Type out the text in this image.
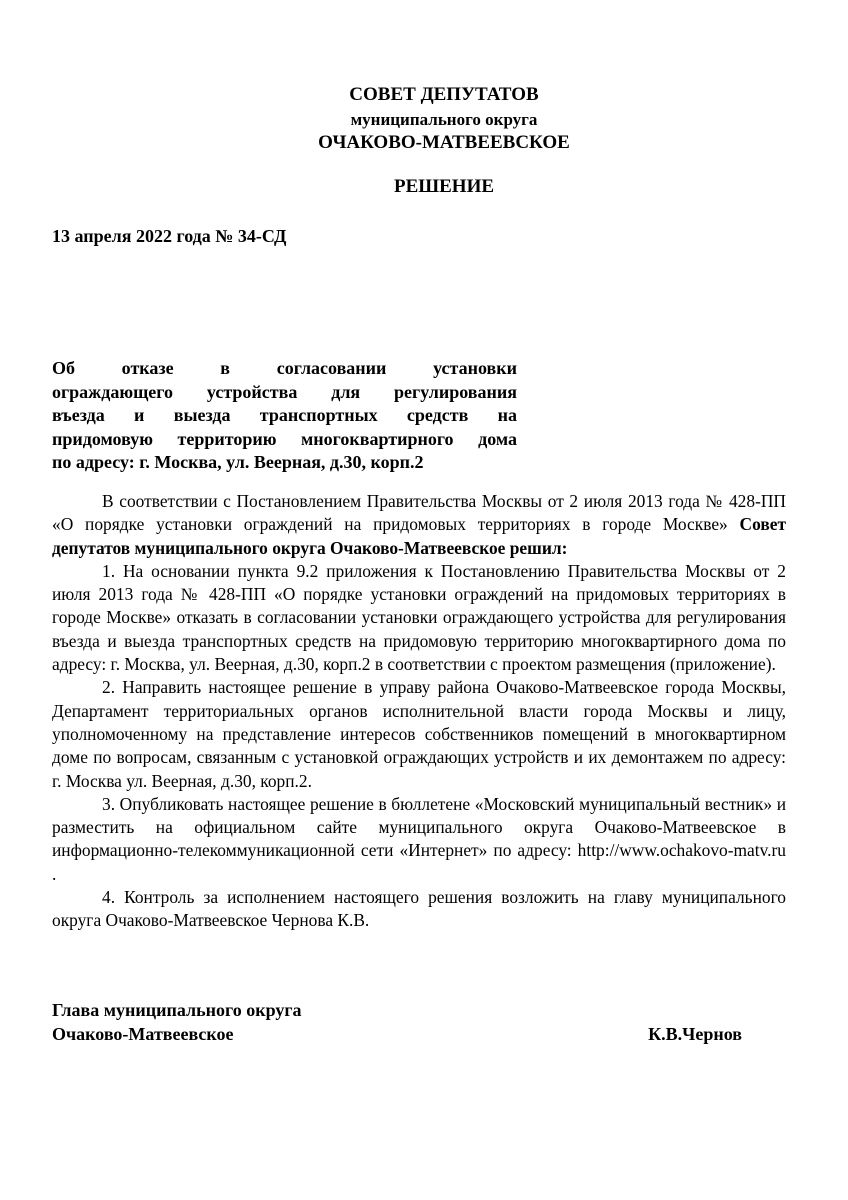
СОВЕТ ДЕПУТАТОВ
муниципального округа
ОЧАКОВО-МАТВЕЕВСКОЕ
РЕШЕНИЕ
13 апреля 2022 года № 34-СД
Об отказе в согласовании установки
ограждающего устройства для регулирования
въезда и выезда транспортных средств на
придомовую территорию многоквартирного дома
по адресу: г. Москва, ул. Веерная, д.30, корп.2

В соответствии с Постановлением Правительства Москвы от 2 июля 2013 года № 428-ПП «О порядке установки ограждений на придомовых территориях в городе Москве» Совет депутатов муниципального округа Очаково-Матвеевское решил:

1. На основании пункта 9.2 приложения к Постановлению Правительства Москвы от 2 июля 2013 года № 428-ПП «О порядке установки ограждений на придомовых территориях в городе Москве» отказать в согласовании установки ограждающего устройства для регулирования въезда и выезда транспортных средств на придомовую территорию многоквартирного дома по адресу: г. Москва, ул. Веерная, д.30, корп.2 в соответствии с проектом размещения (приложение).

2. Направить настоящее решение в управу района Очаково-Матвеевское города Москвы, Департамент территориальных органов исполнительной власти города Москвы и лицу, уполномоченному на представление интересов собственников помещений в многоквартирном доме по вопросам, связанным с установкой ограждающих устройств и их демонтажем по адресу: г. Москва ул. Веерная, д.30, корп.2.

3. Опубликовать настоящее решение в бюллетене «Московский муниципальный вестник» и разместить на официальном сайте муниципального округа Очаково-Матвеевское в информационно-телекоммуникационной сети «Интернет» по адресу: http://www.ochakovo-matv.ru .

4. Контроль за исполнением настоящего решения возложить на главу муниципального округа Очаково-Матвеевское Чернова К.В.

Глава муниципального округа
Очаково-Матвеевское	К.В.Чернов
